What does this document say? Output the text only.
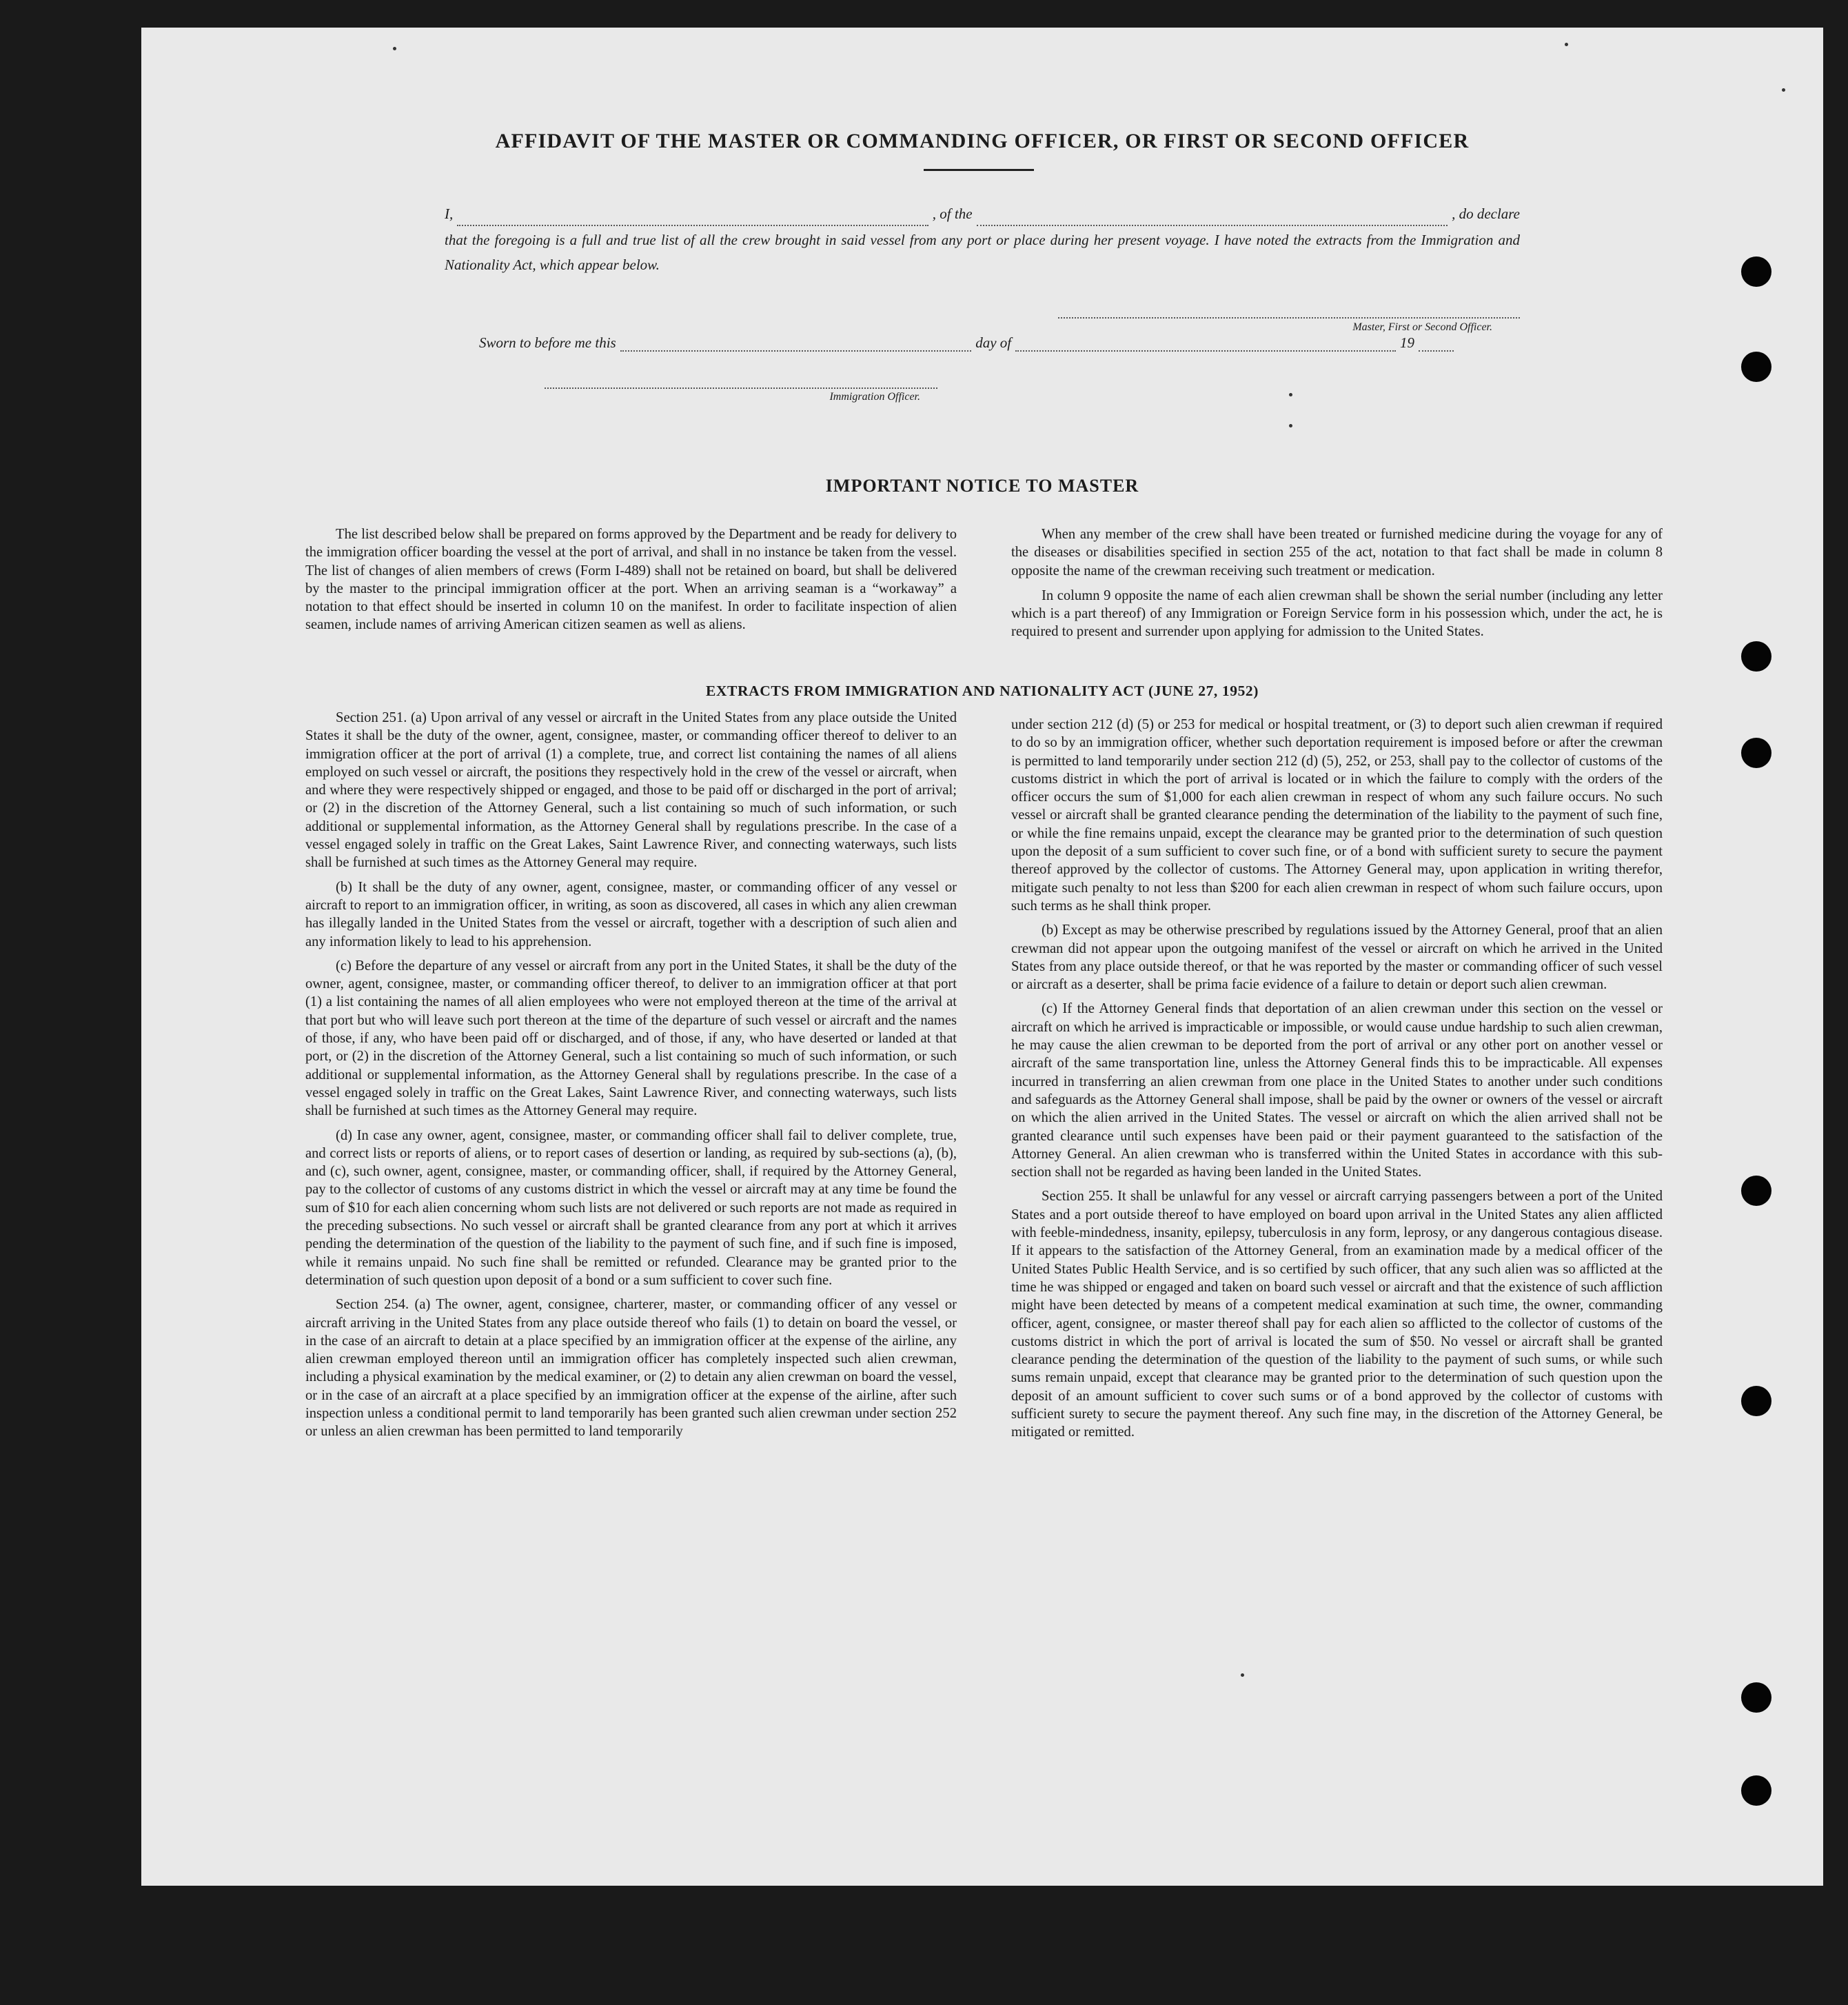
AFFIDAVIT OF THE MASTER OR COMMANDING OFFICER, OR FIRST OR SECOND OFFICER
I,	, of the	, do declare
that the foregoing is a full and true list of all the crew brought in said vessel from any port or place during her present voyage. I have noted the extracts from the Immigration and Nationality Act, which appear below.
Master, First or Second Officer.
Sworn to before me this	day of	19
Immigration Officer.
IMPORTANT NOTICE TO MASTER

The list described below shall be prepared on forms approved by the Department and be ready for delivery to the immigration officer boarding the vessel at the port of arrival, and shall in no instance be taken from the vessel. The list of changes of alien members of crews (Form I-489) shall not be retained on board, but shall be delivered by the master to the principal immigration officer at the port. When an arriving seaman is a “workaway” a notation to that effect should be inserted in column 10 on the manifest. In order to facilitate inspection of alien seamen, include names of arriving American citizen seamen as well as aliens.

When any member of the crew shall have been treated or furnished medicine during the voyage for any of the diseases or disabilities specified in section 255 of the act, notation to that fact shall be made in column 8 opposite the name of the crewman receiving such treatment or medication.

In column 9 opposite the name of each alien crewman shall be shown the serial number (including any letter which is a part thereof) of any Immigration or Foreign Service form in his possession which, under the act, he is required to present and surrender upon applying for admission to the United States.

EXTRACTS FROM IMMIGRATION AND NATIONALITY ACT (JUNE 27, 1952)

Section 251. (a) Upon arrival of any vessel or aircraft in the United States from any place outside the United States it shall be the duty of the owner, agent, consignee, master, or commanding officer thereof to deliver to an immigration officer at the port of arrival (1) a complete, true, and correct list containing the names of all aliens employed on such vessel or aircraft, the positions they respectively hold in the crew of the vessel or aircraft, when and where they were respectively shipped or engaged, and those to be paid off or discharged in the port of arrival; or (2) in the discretion of the Attorney General, such a list containing so much of such information, or such additional or supplemental information, as the Attorney General shall by regulations prescribe. In the case of a vessel engaged solely in traffic on the Great Lakes, Saint Lawrence River, and connecting waterways, such lists shall be furnished at such times as the Attorney General may require.

(b) It shall be the duty of any owner, agent, consignee, master, or commanding officer of any vessel or aircraft to report to an immigration officer, in writing, as soon as discovered, all cases in which any alien crewman has illegally landed in the United States from the vessel or aircraft, together with a description of such alien and any information likely to lead to his apprehension.

(c) Before the departure of any vessel or aircraft from any port in the United States, it shall be the duty of the owner, agent, consignee, master, or commanding officer thereof, to deliver to an immigration officer at that port (1) a list containing the names of all alien employees who were not employed thereon at the time of the arrival at that port but who will leave such port thereon at the time of the departure of such vessel or aircraft and the names of those, if any, who have been paid off or discharged, and of those, if any, who have deserted or landed at that port, or (2) in the discretion of the Attorney General, such a list containing so much of such information, or such additional or supplemental information, as the Attorney General shall by regulations prescribe. In the case of a vessel engaged solely in traffic on the Great Lakes, Saint Lawrence River, and connecting waterways, such lists shall be furnished at such times as the Attorney General may require.

(d) In case any owner, agent, consignee, master, or commanding officer shall fail to deliver complete, true, and correct lists or reports of aliens, or to report cases of desertion or landing, as required by sub-sections (a), (b), and (c), such owner, agent, consignee, master, or commanding officer, shall, if required by the Attorney General, pay to the collector of customs of any customs district in which the vessel or aircraft may at any time be found the sum of $10 for each alien concerning whom such lists are not delivered or such reports are not made as required in the preceding subsections. No such vessel or aircraft shall be granted clearance from any port at which it arrives pending the determination of the question of the liability to the payment of such fine, and if such fine is imposed, while it remains unpaid. No such fine shall be remitted or refunded. Clearance may be granted prior to the determination of such question upon deposit of a bond or a sum sufficient to cover such fine.

Section 254. (a) The owner, agent, consignee, charterer, master, or commanding officer of any vessel or aircraft arriving in the United States from any place outside thereof who fails (1) to detain on board the vessel, or in the case of an aircraft to detain at a place specified by an immigration officer at the expense of the airline, any alien crewman employed thereon until an immigration officer has completely inspected such alien crewman, including a physical examination by the medical examiner, or (2) to detain any alien crewman on board the vessel, or in the case of an aircraft at a place specified by an immigration officer at the expense of the airline, after such inspection unless a conditional permit to land temporarily has been granted such alien crewman under section 252 or unless an alien crewman has been permitted to land temporarily

under section 212 (d) (5) or 253 for medical or hospital treatment, or (3) to deport such alien crewman if required to do so by an immigration officer, whether such deportation requirement is imposed before or after the crewman is permitted to land temporarily under section 212 (d) (5), 252, or 253, shall pay to the collector of customs of the customs district in which the port of arrival is located or in which the failure to comply with the orders of the officer occurs the sum of $1,000 for each alien crewman in respect of whom any such failure occurs. No such vessel or aircraft shall be granted clearance pending the determination of the liability to the payment of such fine, or while the fine remains unpaid, except the clearance may be granted prior to the determination of such question upon the deposit of a sum sufficient to cover such fine, or of a bond with sufficient surety to secure the payment thereof approved by the collector of customs. The Attorney General may, upon application in writing therefor, mitigate such penalty to not less than $200 for each alien crewman in respect of whom such failure occurs, upon such terms as he shall think proper.

(b) Except as may be otherwise prescribed by regulations issued by the Attorney General, proof that an alien crewman did not appear upon the outgoing manifest of the vessel or aircraft on which he arrived in the United States from any place outside thereof, or that he was reported by the master or commanding officer of such vessel or aircraft as a deserter, shall be prima facie evidence of a failure to detain or deport such alien crewman.

(c) If the Attorney General finds that deportation of an alien crewman under this section on the vessel or aircraft on which he arrived is impracticable or impossible, or would cause undue hardship to such alien crewman, he may cause the alien crewman to be deported from the port of arrival or any other port on another vessel or aircraft of the same transportation line, unless the Attorney General finds this to be impracticable. All expenses incurred in transferring an alien crewman from one place in the United States to another under such conditions and safeguards as the Attorney General shall impose, shall be paid by the owner or owners of the vessel or aircraft on which the alien arrived in the United States. The vessel or aircraft on which the alien arrived shall not be granted clearance until such expenses have been paid or their payment guaranteed to the satisfaction of the Attorney General. An alien crewman who is transferred within the United States in accordance with this sub-section shall not be regarded as having been landed in the United States.

Section 255. It shall be unlawful for any vessel or aircraft carrying passengers between a port of the United States and a port outside thereof to have employed on board upon arrival in the United States any alien afflicted with feeble-mindedness, insanity, epilepsy, tuberculosis in any form, leprosy, or any dangerous contagious disease. If it appears to the satisfaction of the Attorney General, from an examination made by a medical officer of the United States Public Health Service, and is so certified by such officer, that any such alien was so afflicted at the time he was shipped or engaged and taken on board such vessel or aircraft and that the existence of such affliction might have been detected by means of a competent medical examination at such time, the owner, commanding officer, agent, consignee, or master thereof shall pay for each alien so afflicted to the collector of customs of the customs district in which the port of arrival is located the sum of $50. No vessel or aircraft shall be granted clearance pending the determination of the question of the liability to the payment of such sums, or while such sums remain unpaid, except that clearance may be granted prior to the determination of such question upon the deposit of an amount sufficient to cover such sums or of a bond approved by the collector of customs with sufficient surety to secure the payment thereof. Any such fine may, in the discretion of the Attorney General, be mitigated or remitted.
